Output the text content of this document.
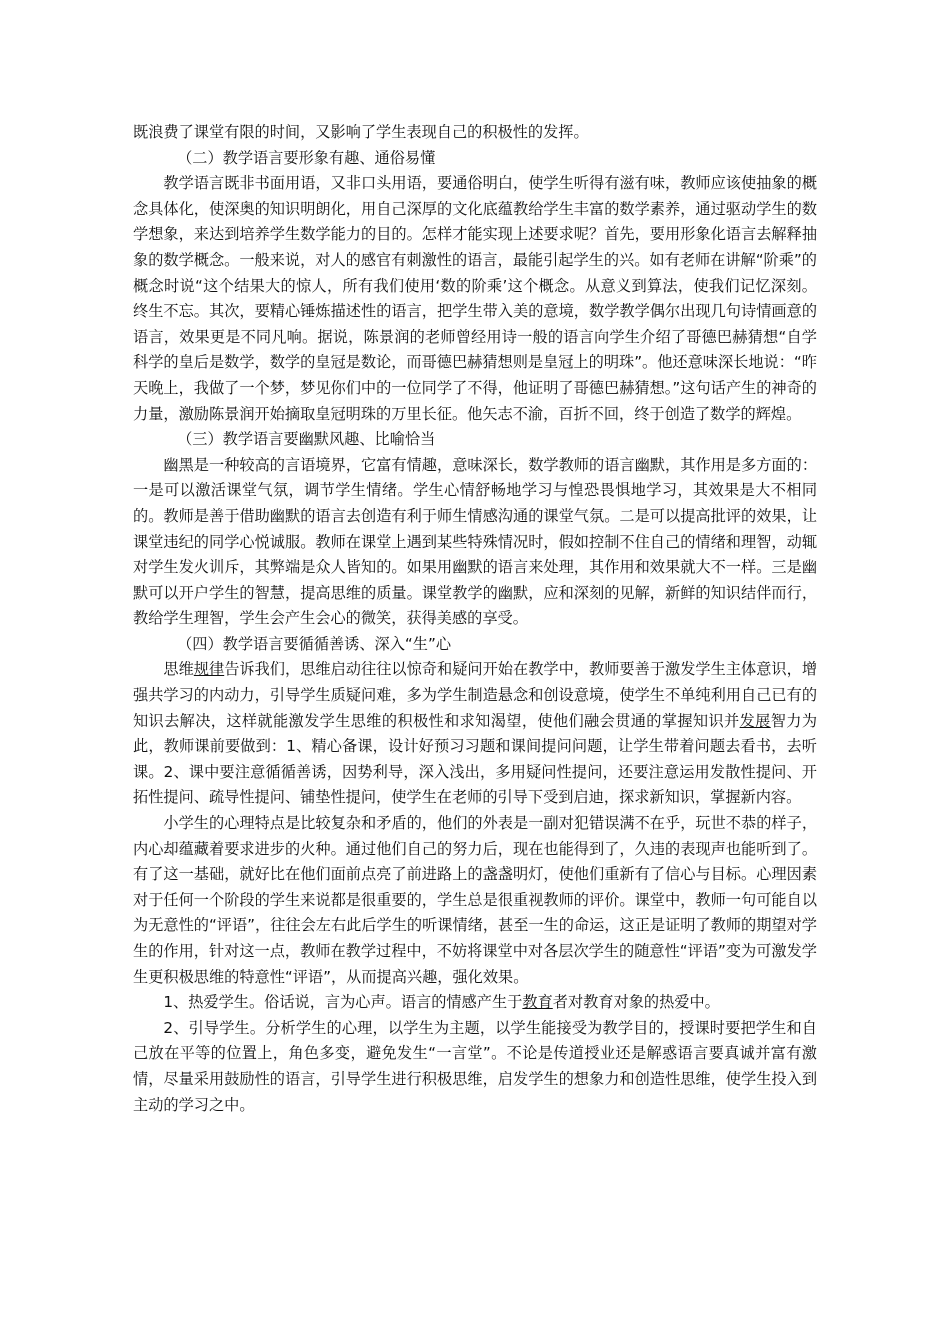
既浪费了课堂有限的时间，又影响了学生表现自己的积极性的发挥。

（二）教学语言要形象有趣、通俗易懂

教学语言既非书面用语，又非口头用语，要通俗明白，使学生听得有滋有味，教师应该使抽象的概念具体化，使深奥的知识明朗化，用自己深厚的文化底蕴教给学生丰富的数学素养，通过驱动学生的数学想象，来达到培养学生数学能力的目的。怎样才能实现上述要求呢？首先，要用形象化语言去解释抽象的数学概念。一般来说，对人的感官有刺激性的语言，最能引起学生的兴。如有老师在讲解“阶乘”的概念时说“这个结果大的惊人，所有我们使用‘数的阶乘’这个概念。从意义到算法，使我们记忆深刻。终生不忘。其次，要精心锤炼描述性的语言，把学生带入美的意境，数学教学偶尔出现几句诗情画意的语言，效果更是不同凡响。据说，陈景润的老师曾经用诗一般的语言向学生介绍了哥德巴赫猜想“自学科学的皇后是数学，数学的皇冠是数论，而哥德巴赫猜想则是皇冠上的明珠”。他还意味深长地说：“昨天晚上，我做了一个梦，梦见你们中的一位同学了不得，他证明了哥德巴赫猜想。”这句话产生的神奇的力量，激励陈景润开始摘取皇冠明珠的万里长征。他矢志不渝，百折不回，终于创造了数学的辉煌。

（三）教学语言要幽默风趣、比喻恰当

幽黑是一种较高的言语境界，它富有情趣，意味深长，数学教师的语言幽默，其作用是多方面的：一是可以激活课堂气氛，调节学生情绪。学生心情舒畅地学习与惶恐畏惧地学习，其效果是大不相同的。教师是善于借助幽默的语言去创造有利于师生情感沟通的课堂气氛。二是可以提高批评的效果，让课堂违纪的同学心悦诚服。教师在课堂上遇到某些特殊情况时，假如控制不住自己的情绪和理智，动辄对学生发火训斥，其弊端是众人皆知的。如果用幽默的语言来处理，其作用和效果就大不一样。三是幽默可以开户学生的智慧，提高思维的质量。课堂教学的幽默，应和深刻的见解，新鲜的知识结伴而行，教给学生理智，学生会产生会心的微笑，获得美感的享受。

（四）教学语言要循循善诱、深入“生”心

思维规律告诉我们，思维启动往往以惊奇和疑问开始在教学中，教师要善于激发学生主体意识，增强共学习的内动力，引导学生质疑问难，多为学生制造悬念和创设意境，使学生不单纯利用自己已有的知识去解决，这样就能激发学生思维的积极性和求知渴望，使他们融会贯通的掌握知识并发展智力为此，教师课前要做到：1、精心备课，设计好预习习题和课间提问问题，让学生带着问题去看书，去听课。2、课中要注意循循善诱，因势利导，深入浅出，多用疑问性提问，还要注意运用发散性提问、开拓性提问、疏导性提问、铺垫性提问，使学生在老师的引导下受到启迪，探求新知识，掌握新内容。

小学生的心理特点是比较复杂和矛盾的，他们的外表是一副对犯错误满不在乎，玩世不恭的样子，内心却蕴藏着要求进步的火种。通过他们自己的努力后，现在也能得到了，久违的表现声也能听到了。有了这一基础，就好比在他们面前点亮了前进路上的盏盏明灯，使他们重新有了信心与目标。心理因素对于任何一个阶段的学生来说都是很重要的，学生总是很重视教师的评价。课堂中，教师一句可能自以为无意性的“评语”，往往会左右此后学生的听课情绪，甚至一生的命运，这正是证明了教师的期望对学生的作用，针对这一点，教师在教学过程中，不妨将课堂中对各层次学生的随意性“评语”变为可激发学生更积极思维的特意性“评语”，从而提高兴趣，强化效果。

1、热爱学生。俗话说，言为心声。语言的情感产生于教育者对教育对象的热爱中。

2、引导学生。分析学生的心理，以学生为主题，以学生能接受为教学目的，授课时要把学生和自己放在平等的位置上，角色多变，避免发生“一言堂”。不论是传道授业还是解惑语言要真诚并富有激情，尽量采用鼓励性的语言，引导学生进行积极思维，启发学生的想象力和创造性思维，使学生投入到主动的学习之中。
